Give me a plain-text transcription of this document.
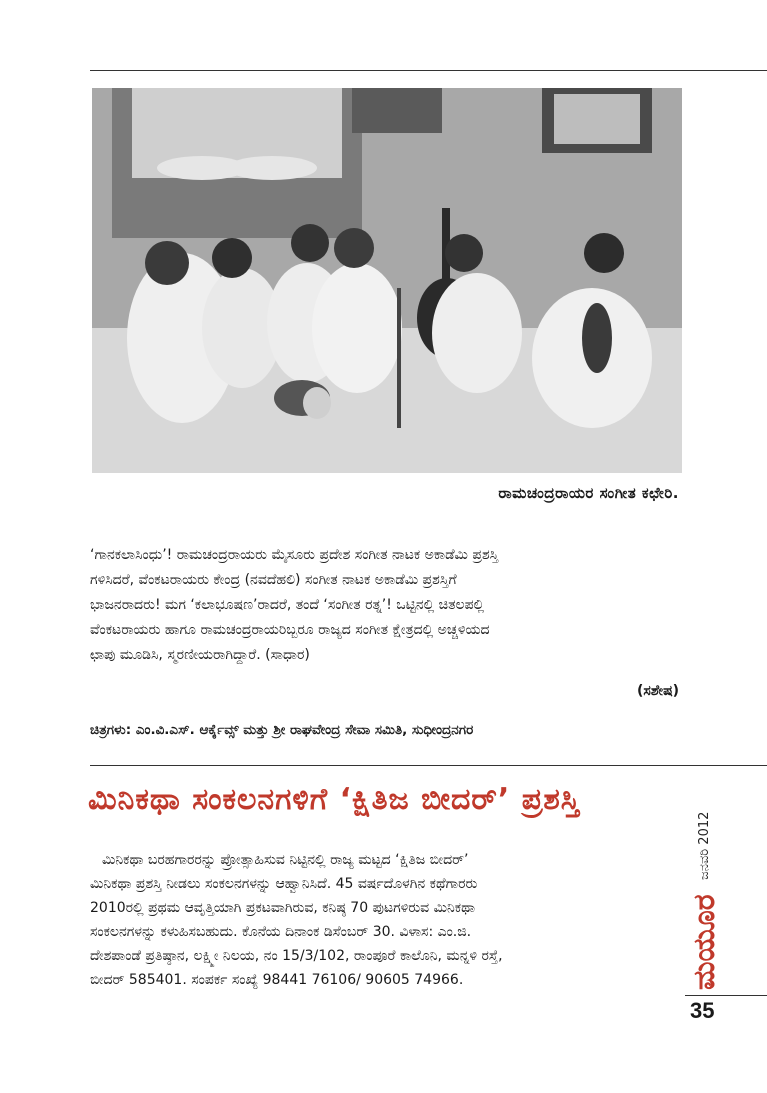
ರಾಮಚಂದ್ರರಾಯರ ಸಂಗೀತ ಕಛೇರಿ.

‘ಗಾನಕಲಾಸಿಂಧು’! ರಾಮಚಂದ್ರರಾಯರು ಮೈಸೂರು ಪ್ರದೇಶ ಸಂಗೀತ ನಾಟಕ ಅಕಾಡೆಮಿ ಪ್ರಶಸ್ತಿ

ಗಳಿಸಿದರೆ, ವೆಂಕಟರಾಯರು ಕೇಂದ್ರ (ನವದೆಹಲಿ) ಸಂಗೀತ ನಾಟಕ ಅಕಾಡೆಮಿ ಪ್ರಶಸ್ತಿಗೆ

ಭಾಜನರಾದರು! ಮಗ ‘ಕಲಾಭೂಷಣ’ರಾದರೆ, ತಂದೆ ‘ಸಂಗೀತ ರತ್ನ’! ಒಟ್ಟಿನಲ್ಲಿ ಚಿತಲಪಲ್ಲಿ

ವೆಂಕಟರಾಯರು ಹಾಗೂ ರಾಮಚಂದ್ರರಾಯರಿಬ್ಬರೂ ರಾಜ್ಯದ ಸಂಗೀತ ಕ್ಷೇತ್ರದಲ್ಲಿ ಅಚ್ಚಳಿಯದ

ಛಾಪು ಮೂಡಿಸಿ, ಸ್ಮರಣೀಯರಾಗಿದ್ದಾರೆ. (ಸಾಧಾರ)

(ಸಶೇಷ)
ಚಿತ್ರಗಳು: ಎಂ.ವಿ.ಎಸ್. ಆರ್ಕೈವ್ಸ್ ಮತ್ತು ಶ್ರೀ ರಾಘವೇಂದ್ರ ಸೇವಾ ಸಮಿತಿ, ಸುಧೀಂದ್ರನಗರ
ಮಿನಿಕಥಾ ಸಂಕಲನಗಳಿಗೆ ‘ಕ್ಷಿತಿಜ ಬೀದರ್’ ಪ್ರಶಸ್ತಿ
ಮಿನಿಕಥಾ ಬರಹಗಾರರನ್ನು ಪ್ರೋತ್ಸಾಹಿಸುವ ನಿಟ್ಟಿನಲ್ಲಿ ರಾಜ್ಯ ಮಟ್ಟದ ‘ಕ್ಷಿತಿಜ ಬೀದರ್’
ಮಿನಿಕಥಾ ಪ್ರಶಸ್ತಿ ನೀಡಲು ಸಂಕಲನಗಳನ್ನು ಆಹ್ವಾನಿಸಿದೆ. 45 ವರ್ಷದೊಳಗಿನ ಕಥೆಗಾರರು
2010ರಲ್ಲಿ ಪ್ರಥಮ ಆವೃತ್ತಿಯಾಗಿ ಪ್ರಕಟವಾಗಿರುವ, ಕನಿಷ್ಠ 70 ಪುಟಗಳಿರುವ ಮಿನಿಕಥಾ
ಸಂಕಲನಗಳನ್ನು ಕಳುಹಿಸಬಹುದು. ಕೊನೆಯ ದಿನಾಂಕ ಡಿಸೆಂಬರ್ 30. ವಿಳಾಸ: ಎಂ.ಜಿ.
ದೇಶಪಾಂಡೆ ಪ್ರತಿಷ್ಠಾನ, ಲಕ್ಷ್ಮೀ ನಿಲಯ, ನಂ 15/3/102, ರಾಂಪೂರೆ ಕಾಲೊನಿ, ಮನ್ನಳಿ ರಸ್ತೆ,
ಬೀದರ್ 585401. ಸಂಪರ್ಕ ಸಂಖ್ಯೆ 98441 76106/ 90605 74966.
ಜನವರಿ 2012
ಮಯೂರ
35
